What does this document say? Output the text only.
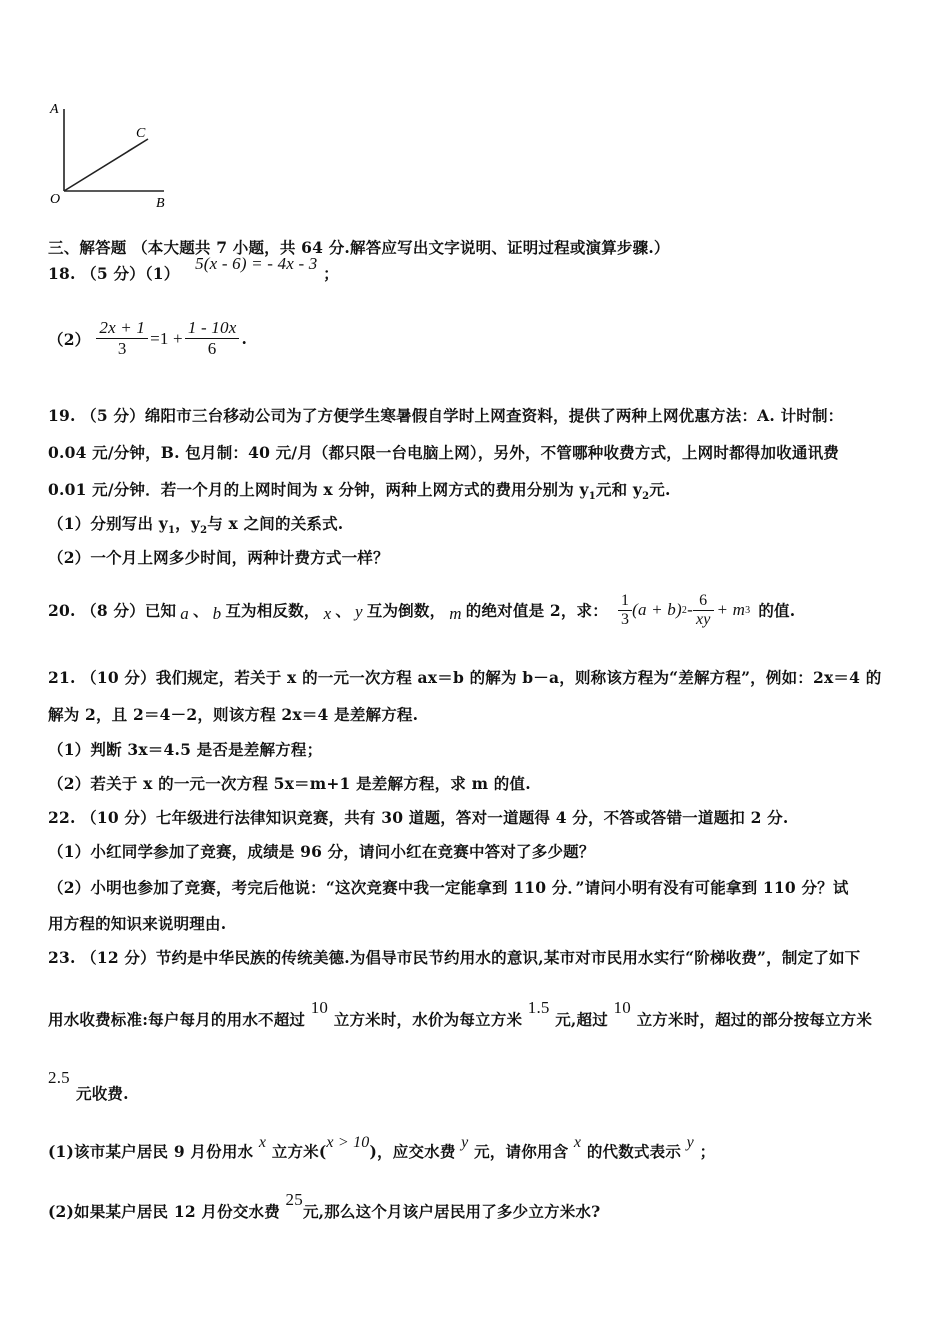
A
C
O	B
三、解答题 （本大题共 7 小题，共 64 分.解答应写出文字说明、证明过程或演算步骤.）
18. （5 分）（1） 5(x - 6) = - 4x - 3 ；
$(2) \frac{2x + 1}{3} =1 + \frac{1 - 10x}{6}$ .
19. （5 分）绵阳市三台移动公司为了方便学生寒暑假自学时上网查资料，提供了两种上网优惠方法：A. 计时制：
0.04 元/分钟，B. 包月制：40 元/月（都只限一台电脑上网），另外，不管哪种收费方式，上网时都得加收通讯费
0.01 元/分钟．若一个月的上网时间为 x 分钟，两种上网方式的费用分别为 $y_1$元和 $y_2$元.
（1）分别写出 $y_1$，$y_2$与 x 之间的关系式.
（2）一个月上网多少时间，两种计费方式一样？
20. （8 分）已知 a 、 b 互为相反数， x 、 y 互为倒数， m 的绝对值是 2，求： $\frac{1}{3} (a + b)$ $2 - \frac{6}{xy} + m$ 3 的值.
21. （10 分）我们规定，若关于 x 的一元一次方程 ax＝b 的解为 b－a，则称该方程为“差解方程”，例如：2x＝4 的
解为 2，且 2＝4－2，则该方程 2x＝4 是差解方程.
（1）判断 3x＝4.5 是否是差解方程；
（2）若关于 x 的一元一次方程 5x＝m+1 是差解方程，求 m 的值.
22. （10 分）七年级进行法律知识竞赛，共有 30 道题，答对一道题得 4 分，不答或答错一道题扣 2 分.
（1）小红同学参加了竞赛，成绩是 96 分，请问小红在竞赛中答对了多少题？
（2）小明也参加了竞赛，考完后他说：“这次竞赛中我一定能拿到 110 分．”请问小明有没有可能拿到 110 分？试
用方程的知识来说明理由.
23. （12 分）节约是中华民族的传统美德.为倡导市民节约用水的意识,某市对市民用水实行“阶梯收费”，制定了如下
用水收费标准:每户每月的用水不超过 10 立方米时，水价为每立方米 1.5 元,超过 10 立方米时，超过的部分按每立方米
2.5
元收费.
(1)该市某户居民 9 月份用水 x 立方米(x > 10)，应交水费 y 元，请你用含 x 的代数式表示 y ；
(2)如果某户居民 12 月份交水费 25元,那么这个月该户居民用了多少立方米水?
